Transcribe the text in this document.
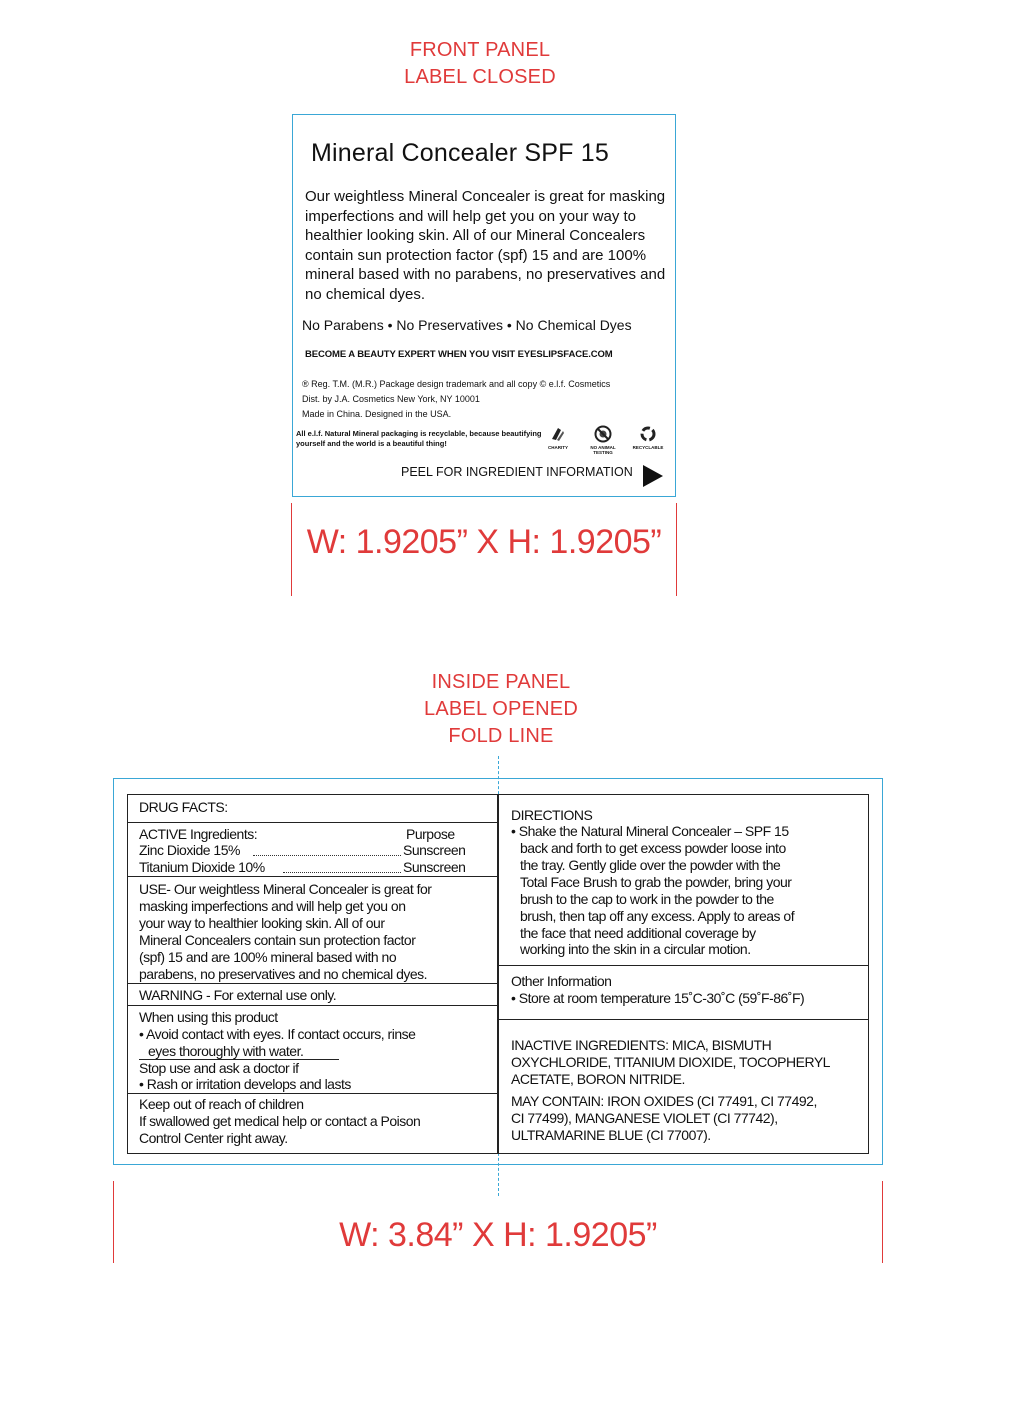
FRONT PANEL
LABEL CLOSED
Mineral Concealer SPF 15
Our weightless Mineral Concealer is great for masking imperfections and will help get you on your way to healthier looking skin. All of our Mineral Concealers contain sun protection factor (spf) 15 and are 100% mineral based with no parabens, no preservatives and no chemical dyes.
No Parabens • No Preservatives • No Chemical Dyes
BECOME A BEAUTY EXPERT WHEN YOU VISIT EYESLIPSFACE.COM
® Reg. T.M. (M.R.) Package design trademark and all copy © e.l.f. Cosmetics
Dist. by J.A. Cosmetics New York, NY 10001
Made in China. Designed in the USA.
All e.l.f. Natural Mineral packaging is recyclable, because beautifying yourself and the world is a beautiful thing!	CHARITY	NO ANIMAL TESTING
RECYCLABLE
PEEL FOR INGREDIENT INFORMATION
W: 1.9205” X H: 1.9205”
INSIDE PANEL
LABEL OPENED
FOLD LINE
DRUG FACTS:
ACTIVE Ingredients:	Purpose
Zinc Dioxide 15%	Sunscreen
Titanium Dioxide 10%	Sunscreen
USE- Our weightless Mineral Concealer is great for
masking imperfections and will help get you on
your way to healthier looking skin. All of our
Mineral Concealers contain sun protection factor
(spf) 15 and are 100% mineral based with no
parabens, no preservatives and no chemical dyes.
WARNING - For external use only.
When using this product
• Avoid contact with eyes. If contact occurs, rinse
eyes thoroughly with water.
Stop use and ask a doctor if
• Rash or irritation develops and lasts
Keep out of reach of children
If swallowed get medical help or contact a Poison
Control Center right away.
DIRECTIONS
• Shake the Natural Mineral Concealer – SPF 15
back and forth to get excess powder loose into
the tray. Gently glide over the powder with the
Total Face Brush to grab the powder, bring your
brush to the cap to work in the powder to the
brush, then tap off any excess. Apply to areas of
the face that need additional coverage by
working into the skin in a circular motion.
Other Information
• Store at room temperature 15˚C-30˚C (59˚F-86˚F)
INACTIVE INGREDIENTS: MICA, BISMUTH
OXYCHLORIDE, TITANIUM DIOXIDE, TOCOPHERYL
ACETATE, BORON NITRIDE.
MAY CONTAIN: IRON OXIDES (CI 77491, CI 77492,
CI 77499), MANGANESE VIOLET (CI 77742),
ULTRAMARINE BLUE (CI 77007).
W: 3.84” X H: 1.9205”
